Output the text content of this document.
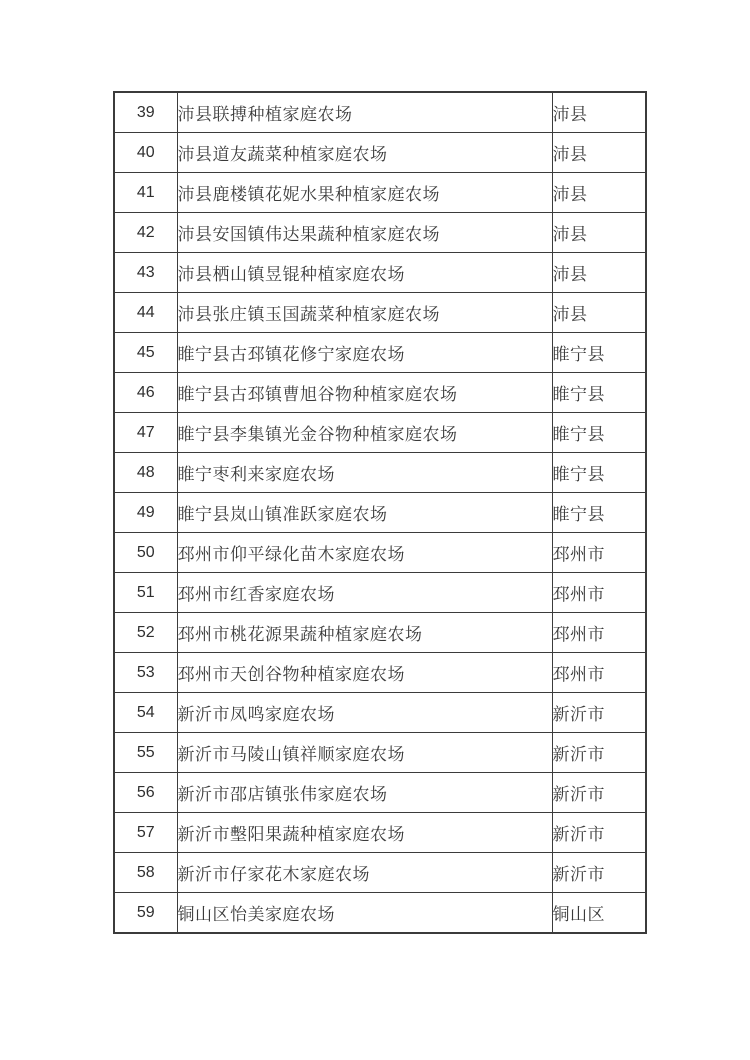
39	沛县联搏种植家庭农场	沛县
40	沛县道友蔬菜种植家庭农场	沛县
41	沛县鹿楼镇花妮水果种植家庭农场	沛县
42	沛县安国镇伟达果蔬种植家庭农场	沛县
43	沛县栖山镇昱锟种植家庭农场	沛县
44	沛县张庄镇玉国蔬菜种植家庭农场	沛县
45	睢宁县古邳镇花修宁家庭农场	睢宁县
46	睢宁县古邳镇曹旭谷物种植家庭农场	睢宁县
47	睢宁县李集镇光金谷物种植家庭农场	睢宁县
48	睢宁枣利来家庭农场	睢宁县
49	睢宁县岚山镇准跃家庭农场	睢宁县
50	邳州市仰平绿化苗木家庭农场	邳州市
51	邳州市红香家庭农场	邳州市
52	邳州市桃花源果蔬种植家庭农场	邳州市
53	邳州市天创谷物种植家庭农场	邳州市
54	新沂市凤鸣家庭农场	新沂市
55	新沂市马陵山镇祥顺家庭农场	新沂市
56	新沂市邵店镇张伟家庭农场	新沂市
57	新沂市墼阳果蔬种植家庭农场	新沂市
58	新沂市仔家花木家庭农场	新沂市
59	铜山区怡美家庭农场	铜山区
